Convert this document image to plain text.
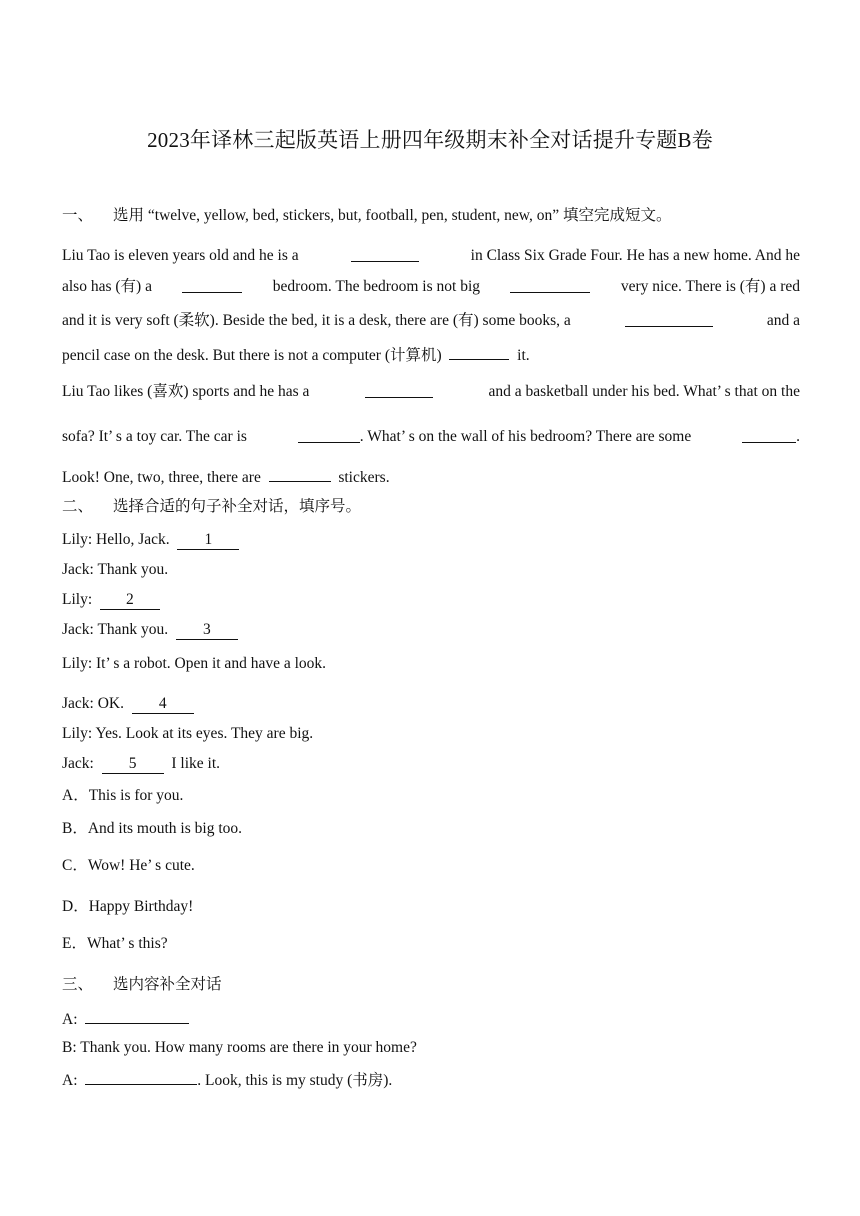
2023年译林三起版英语上册四年级期末补全对话提升专题B卷
一、 选用 “twelve, yellow, bed, stickers, but, football, pen, student, new, on” 填空完成短文。
Liu Tao is eleven years old and he is a	in Class Six Grade Four. He has a new home. And he
also has (有) a	bedroom. The bedroom is not big	very nice. There is (有) a red
and it is very soft (柔软). Beside the bed, it is a desk, there are (有) some books, a	and a
pencil case on the desk. But there is not a computer (计算机)	it.
Liu Tao likes (喜欢) sports and he has a	and a basketball under his bed. What’ s that on the
sofa? It’ s a toy car. The car is	. What’ s on the wall of his bedroom? There are some	.
Look! One, two, three, there are	stickers.
二、 选择合适的句子补全对话，填序号。
Lily: Hello, Jack. 1
Jack: Thank you.
Lily: 2
Jack: Thank you. 3
Lily: It’ s a robot. Open it and have a look.
Jack: OK. 4
Lily: Yes. Look at its eyes. They are big.
Jack: 5 I like it.
A．This is for you.
B．And its mouth is big too.
C．Wow! He’ s cute.
D．Happy Birthday!
E．What’ s this?
三、 选内容补全对话
A:
B: Thank you. How many rooms are there in your home?
A:	. Look, this is my study (书房).
